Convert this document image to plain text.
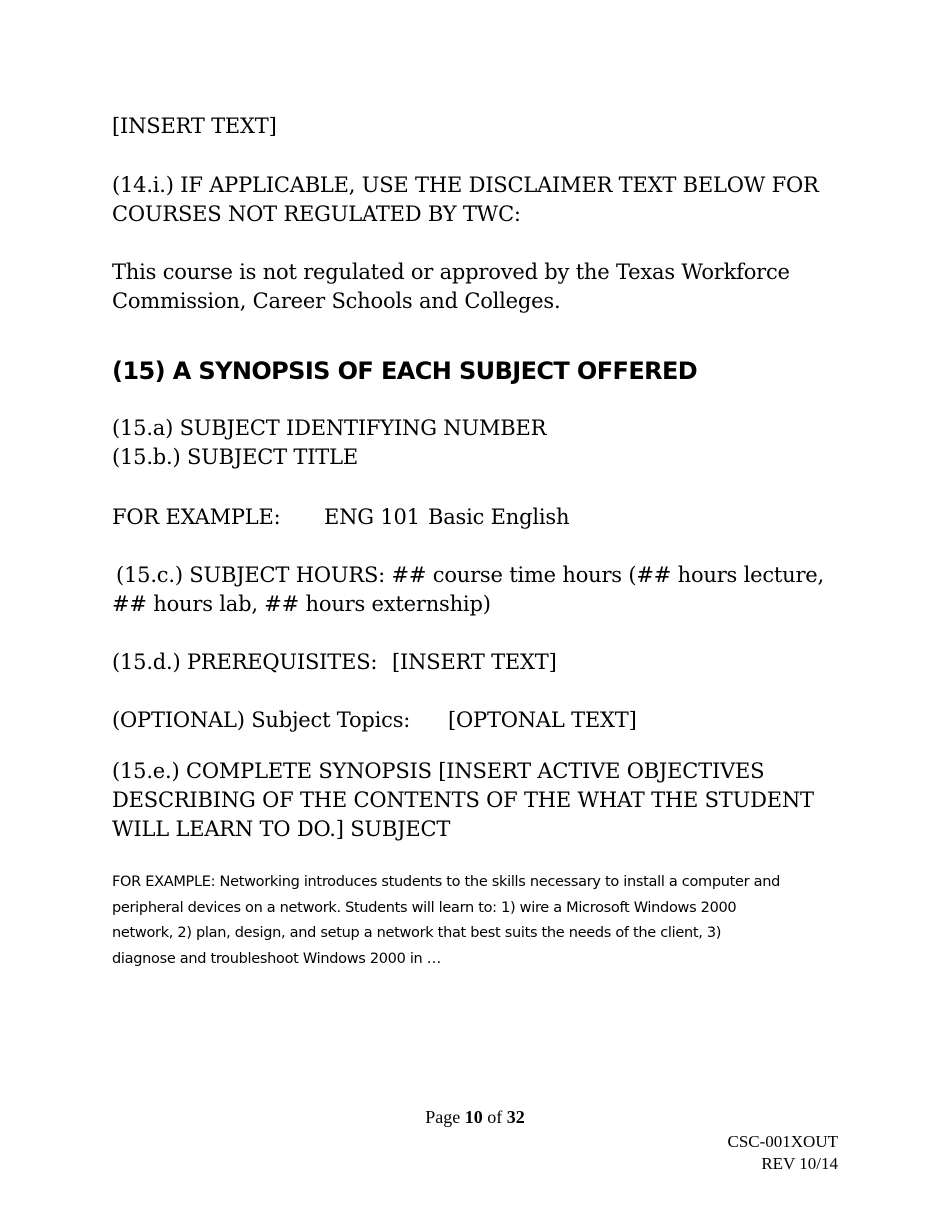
[INSERT TEXT]
(14.i.) IF APPLICABLE, USE THE DISCLAIMER TEXT BELOW FOR
COURSES NOT REGULATED BY TWC:
This course is not regulated or approved by the Texas Workforce
Commission, Career Schools and Colleges.
(15) A SYNOPSIS OF EACH SUBJECT OFFERED
(15.a) SUBJECT IDENTIFYING NUMBER
(15.b.) SUBJECT TITLE
FOR EXAMPLE: ENG 101 Basic English
(15.c.) SUBJECT HOURS: ## course time hours (## hours lecture,
## hours lab, ## hours externship)
(15.d.) PREREQUISITES: [INSERT TEXT]
(OPTIONAL) Subject Topics: [OPTONAL TEXT]
(15.e.) COMPLETE SYNOPSIS [INSERT ACTIVE OBJECTIVES
DESCRIBING OF THE CONTENTS OF THE WHAT THE STUDENT
WILL LEARN TO DO.] SUBJECT
FOR EXAMPLE: Networking introduces students to the skills necessary to install a computer and
peripheral devices on a network. Students will learn to: 1) wire a Microsoft Windows 2000
network, 2) plan, design, and setup a network that best suits the needs of the client, 3)
diagnose and troubleshoot Windows 2000 in …
Page 10 of 32
CSC-001XOUT
REV 10/14
